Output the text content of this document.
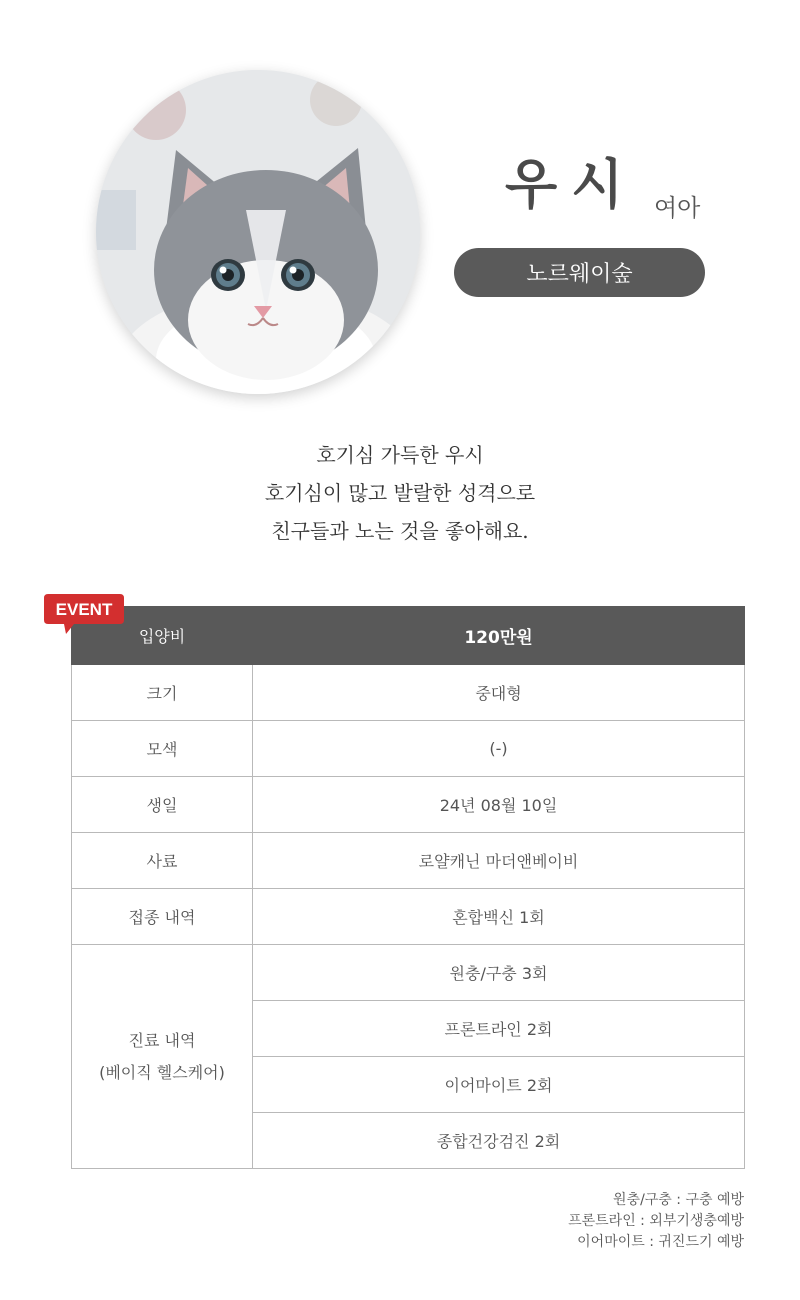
우시 여아
노르웨이숲
호기심 가득한 우시
호기심이 많고 발랄한 성격으로
친구들과 노는 것을 좋아해요.
입양비	120만원
크기	중대형
모색	(-)
생일	24년 08월 10일
사료	로얄캐닌 마더앤베이비
접종 내역	혼합백신 1회

진료 내역
(베이직 헬스케어)	원충/구충 3회
	프론트라인 2회
	이어마이트 2회
	종합건강검진 2회
EVENT
원충/구충 : 구충 예방
프론트라인 : 외부기생충예방
이어마이트 : 귀진드기 예방
